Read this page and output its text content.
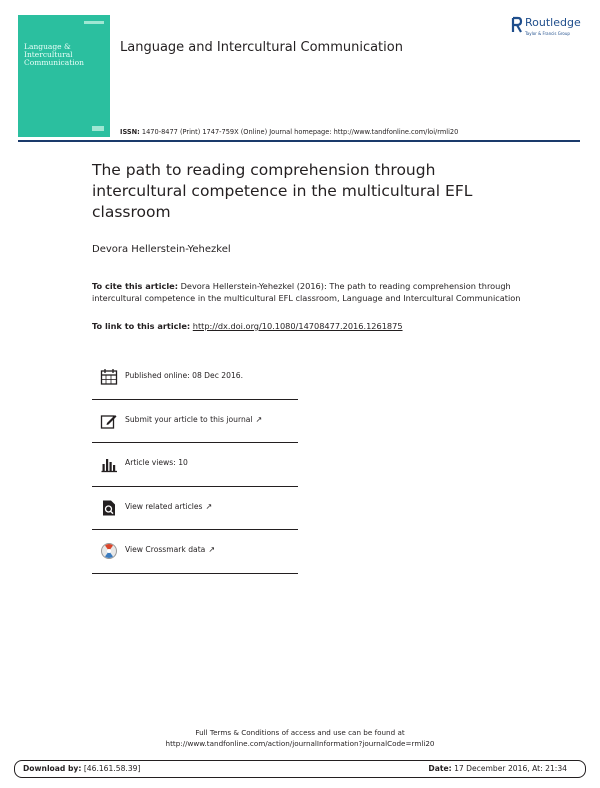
Language & Intercultural Communication
Language and Intercultural Communication
Routledge
Taylor & Francis Group
ISSN: 1470-8477 (Print) 1747-759X (Online) Journal homepage: http://www.tandfonline.com/loi/rmli20
The path to reading comprehension through intercultural competence in the multicultural EFL classroom
Devora Hellerstein-Yehezkel
To cite this article: Devora Hellerstein-Yehezkel (2016): The path to reading comprehension through intercultural competence in the multicultural EFL classroom, Language and Intercultural Communication
To link to this article: http://dx.doi.org/10.1080/14708477.2016.1261875
Published online: 08 Dec 2016.
Submit your article to this journal ↗
Article views: 10
View related articles ↗
View Crossmark data ↗
Full Terms & Conditions of access and use can be found at
http://www.tandfonline.com/action/journalInformation?journalCode=rmli20
Download by: [46.161.58.39]	Date: 17 December 2016, At: 21:34
